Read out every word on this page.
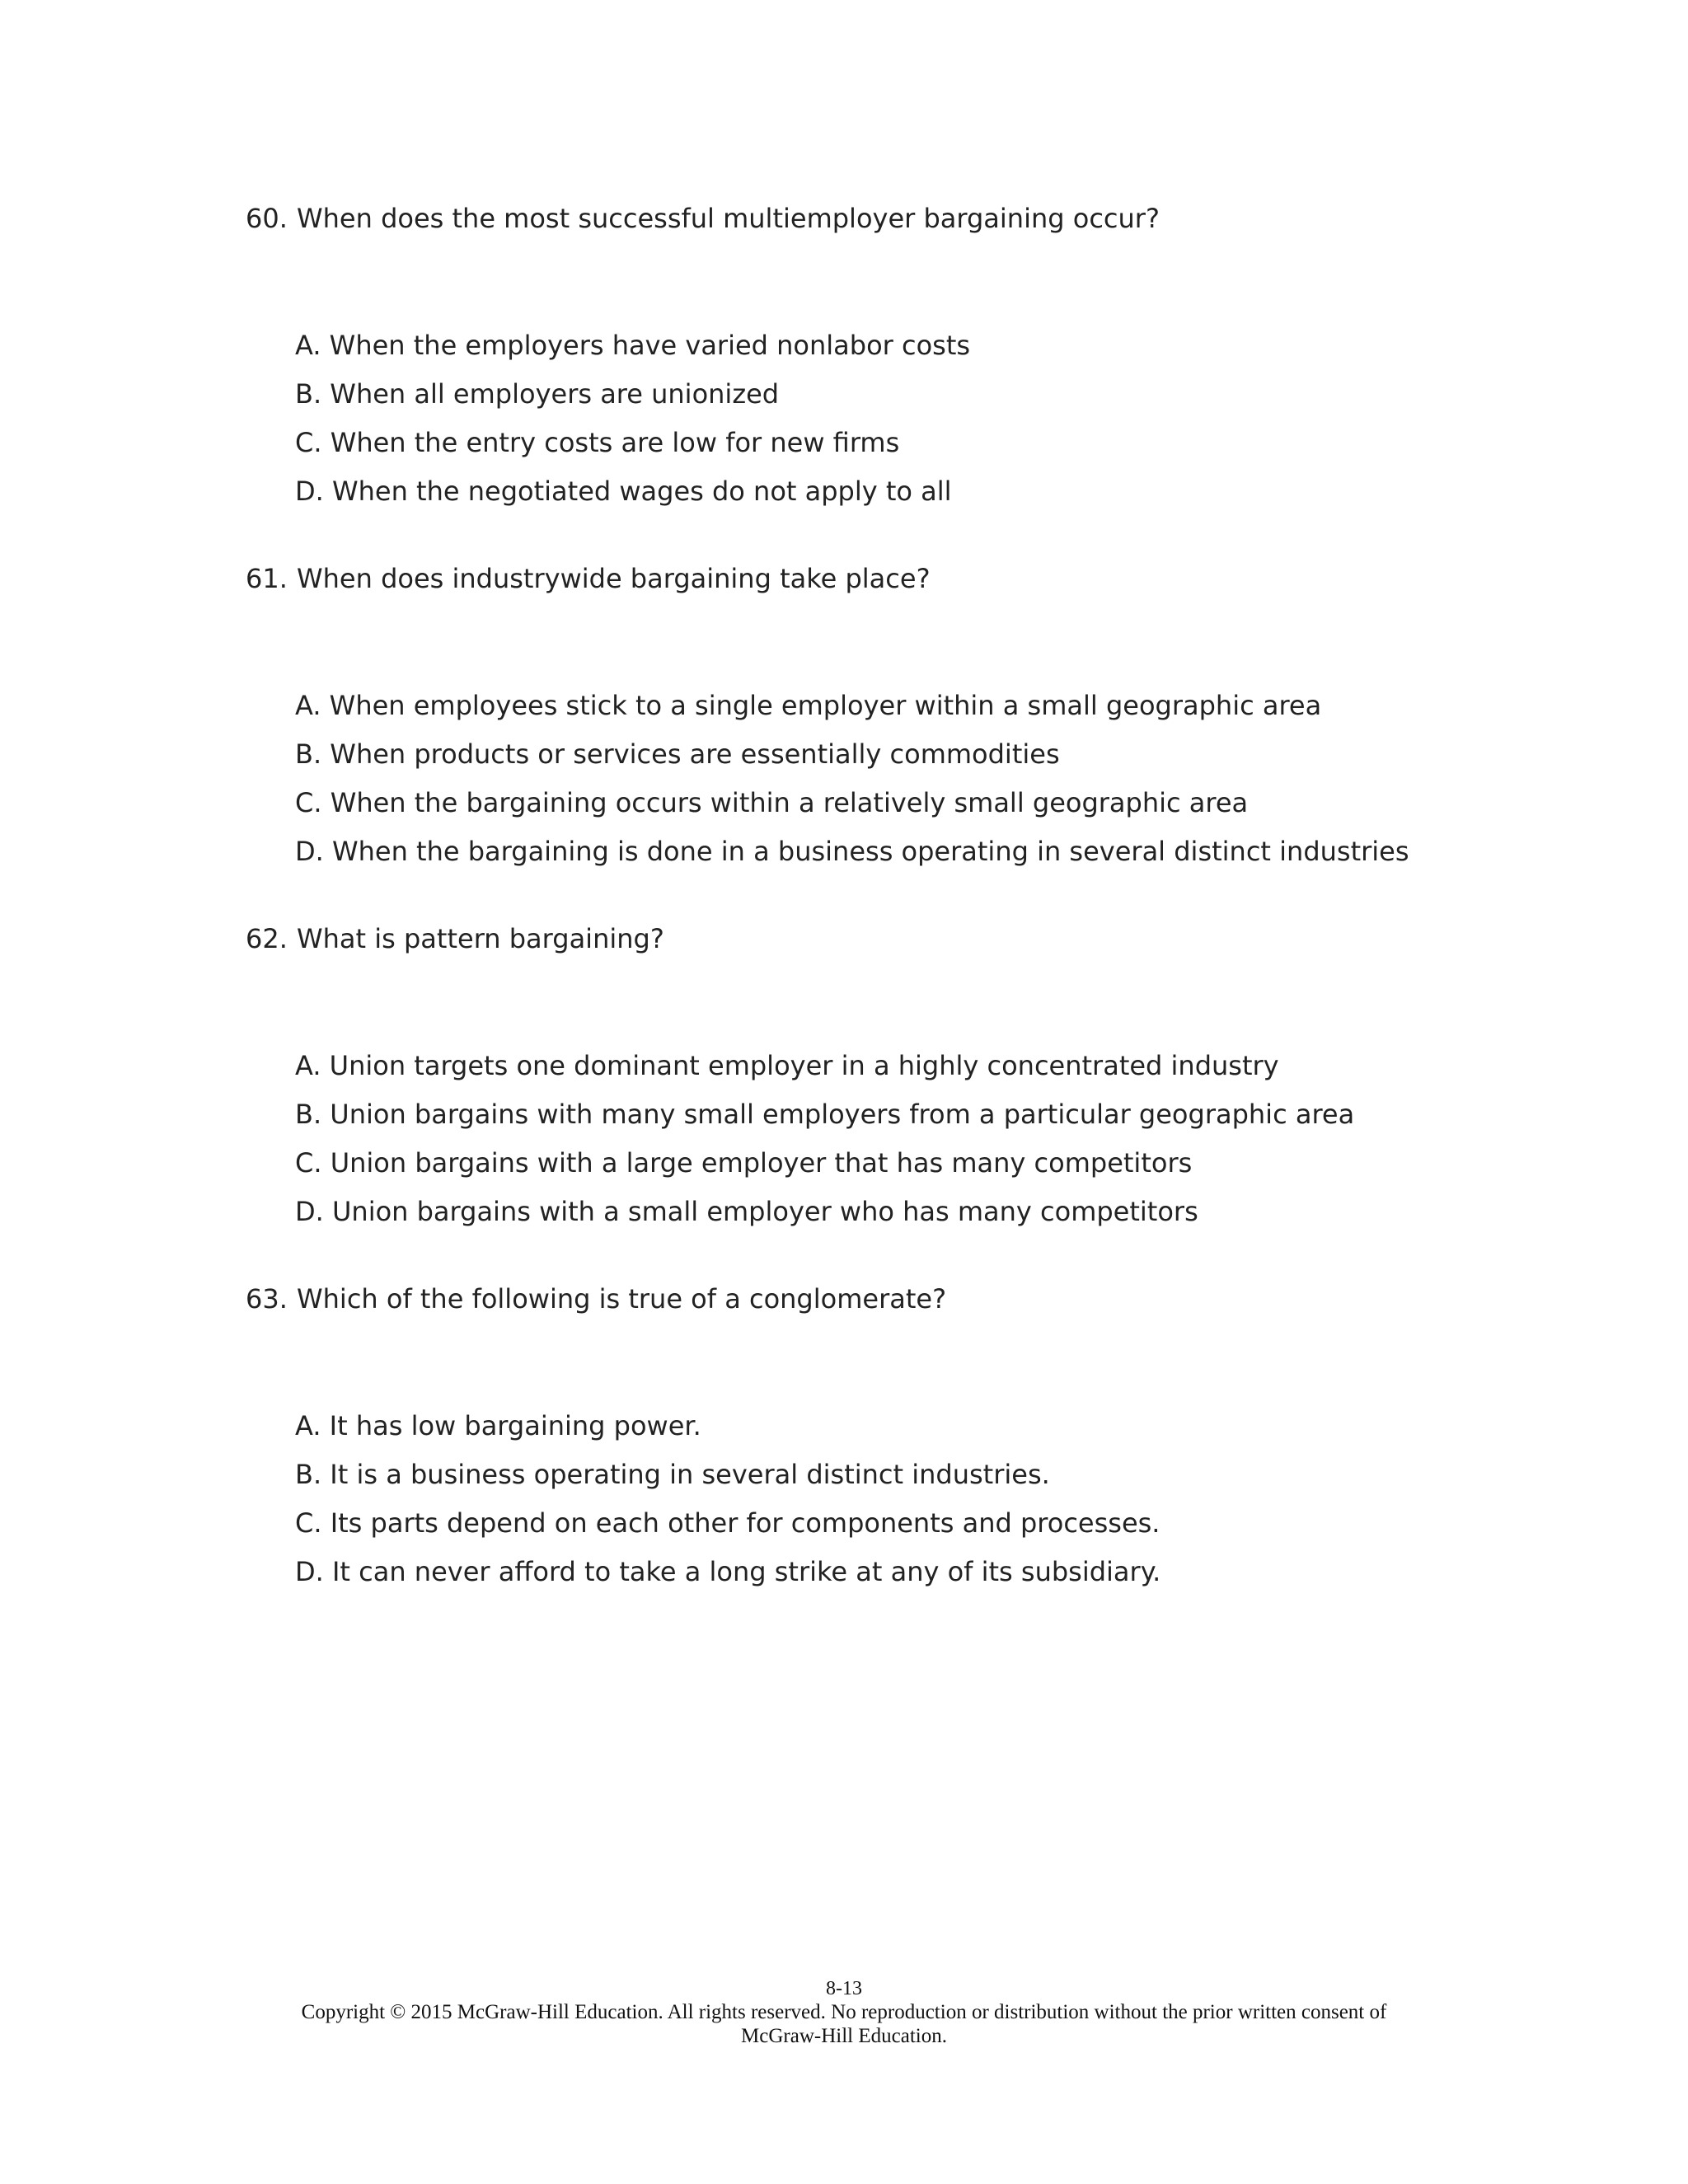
60. When does the most successful multiemployer bargaining occur?
A. When the employers have varied nonlabor costs
B. When all employers are unionized
C. When the entry costs are low for new firms
D. When the negotiated wages do not apply to all
61. When does industrywide bargaining take place?
A. When employees stick to a single employer within a small geographic area
B. When products or services are essentially commodities
C. When the bargaining occurs within a relatively small geographic area
D. When the bargaining is done in a business operating in several distinct industries
62. What is pattern bargaining?
A. Union targets one dominant employer in a highly concentrated industry
B. Union bargains with many small employers from a particular geographic area
C. Union bargains with a large employer that has many competitors
D. Union bargains with a small employer who has many competitors
63. Which of the following is true of a conglomerate?
A. It has low bargaining power.
B. It is a business operating in several distinct industries.
C. Its parts depend on each other for components and processes.
D. It can never afford to take a long strike at any of its subsidiary.
8-13
Copyright © 2015 McGraw-Hill Education. All rights reserved. No reproduction or distribution without the prior written consent of
McGraw-Hill Education.
